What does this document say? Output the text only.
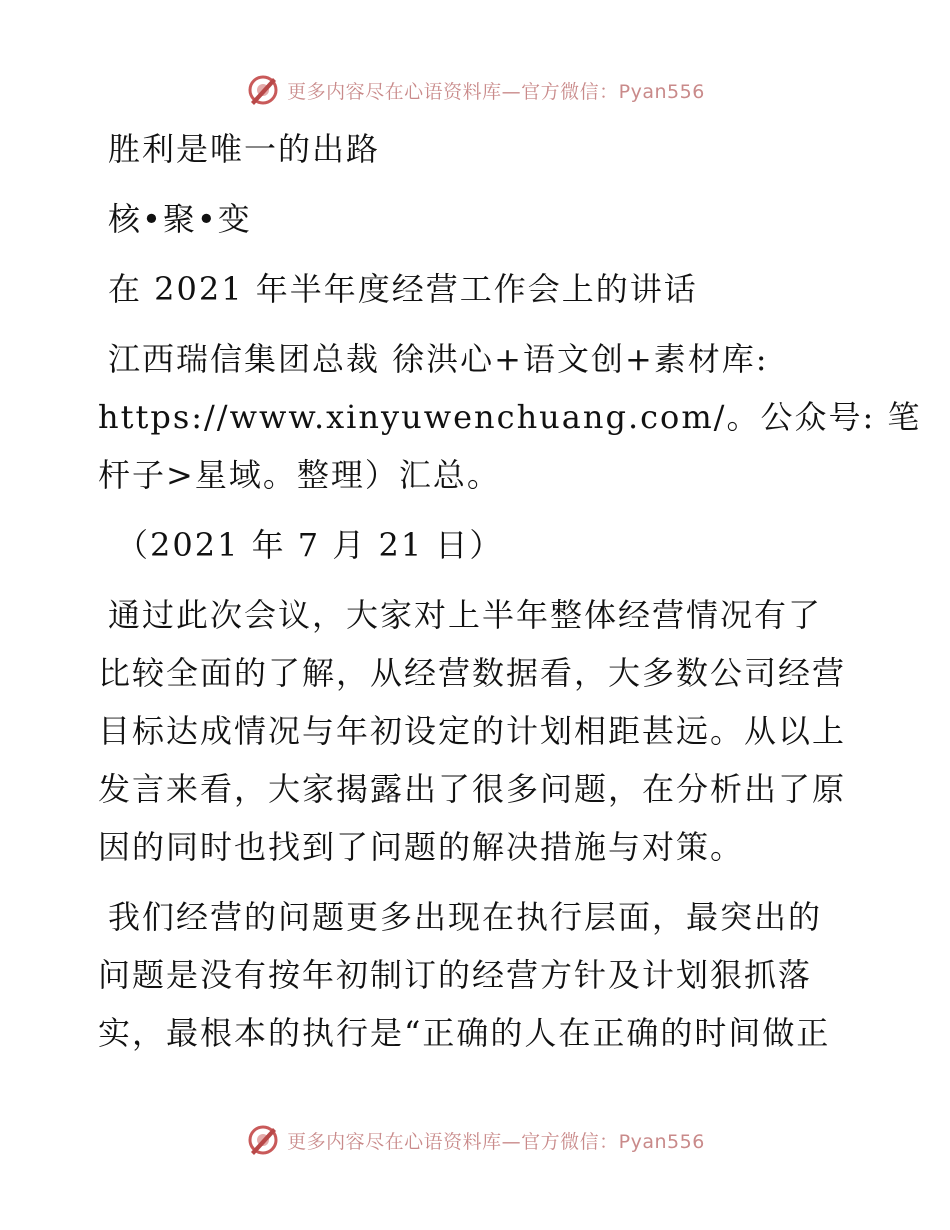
更多内容尽在心语资料库—官方微信：Pyan556
胜利是唯一的出路
核•聚•变
在 2021 年半年度经营工作会上的讲话
江西瑞信集团总裁 徐洪心+语文创+素材库:
https://www.xinyuwenchuang.com/。公众号: 笔
杆子>星域。整理）汇总。
（2021 年 7 月 21 日）
通过此次会议，大家对上半年整体经营情况有了
比较全面的了解，从经营数据看，大多数公司经营
目标达成情况与年初设定的计划相距甚远。从以上
发言来看，大家揭露出了很多问题，在分析出了原
因的同时也找到了问题的解决措施与对策。
我们经营的问题更多出现在执行层面，最突出的
问题是没有按年初制订的经营方针及计划狠抓落
实，最根本的执行是“正确的人在正确的时间做正
更多内容尽在心语资料库—官方微信：Pyan556
